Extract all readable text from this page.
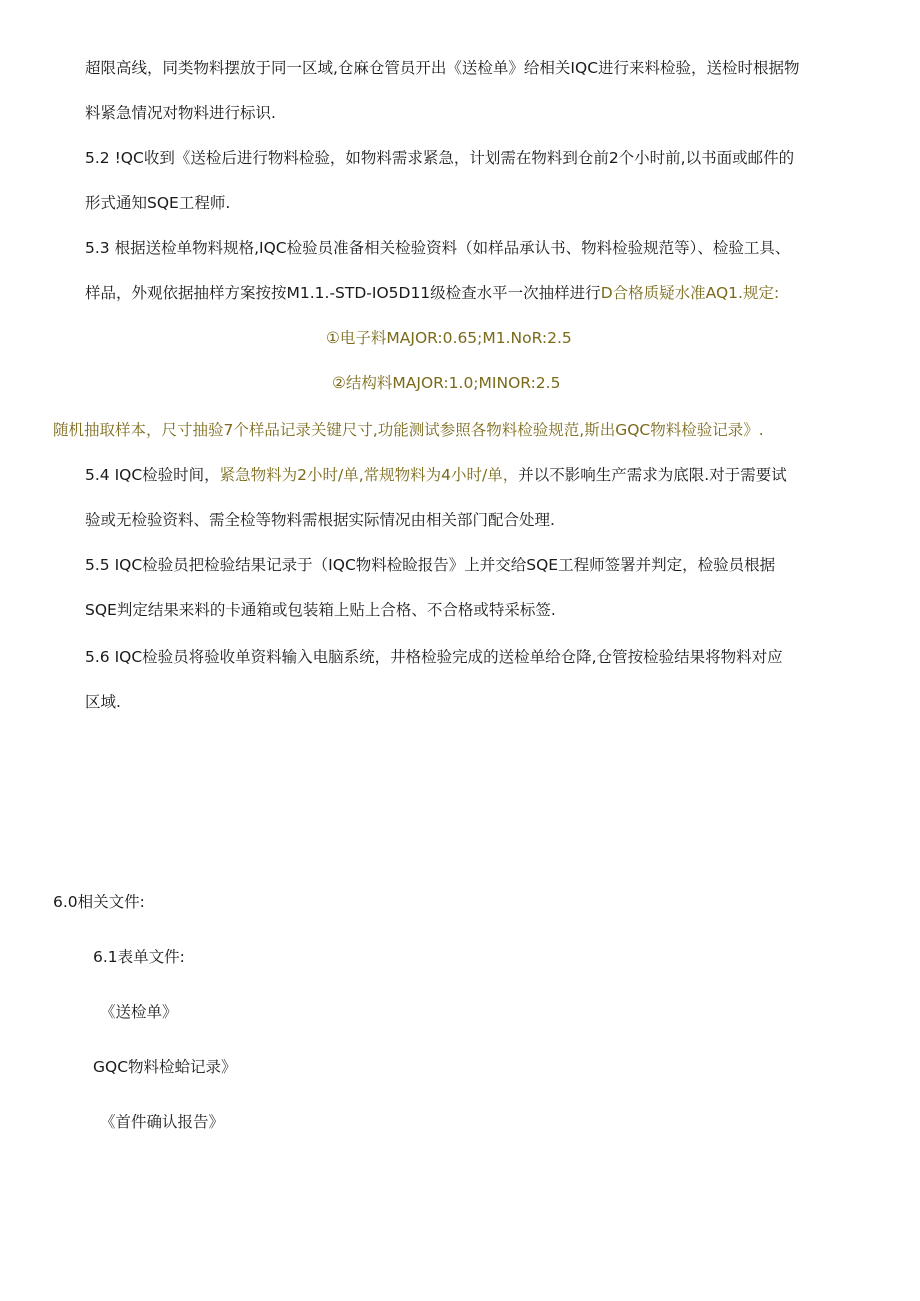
超限高线，同类物料摆放于同一区域,仓麻仓管员开出《送检单》给相关IQC进行来料检验，送检时根据物
料紧急情况对物料进行标识.
5.2 !QC收到《送检后进行物料检验，如物料需求紧急，计划需在物料到仓前2个小时前,以书面或邮件的
形式通知SQE工程师.
5.3 根据送检单物料规格,IQC检验员准备相关检验资料（如样品承认书、物料检验规范等）、检验工具、
样品，外观依据抽样方案按按M1.1.-STD-IO5D11级检查水平一次抽样进行D合格质疑水准AQ1.规定:
①电子料MAJOR:0.65;M1.NoR:2.5
②结构料MAJOR:1.0;MINOR:2.5
随机抽取样本，尺寸抽验7个样品记录关键尺寸,功能测试参照各物料检验规范,斯出GQC物料检验记录》.
5.4 IQC检验时间，紧急物料为2小时/单,常规物料为4小时/单，并以不影响生产需求为底限.对于需要试
验或无检验资料、需全检等物料需根据实际情况由相关部门配合处理.
5.5 IQC检验员把检验结果记录于（IQC物料检睑报告》上并交给SQE工程师签署并判定，检验员根据
SQE判定结果来料的卡通箱或包装箱上贴上合格、不合格或特采标签.
5.6 IQC检验员将验收单资料输入电脑系统，井格检验完成的送检单给仓降,仓管按检验结果将物料对应
区域.
6.0相关文件:
6.1表单文件:
《送检单》
GQC物料检蛤记录》
《首件确认报告》
